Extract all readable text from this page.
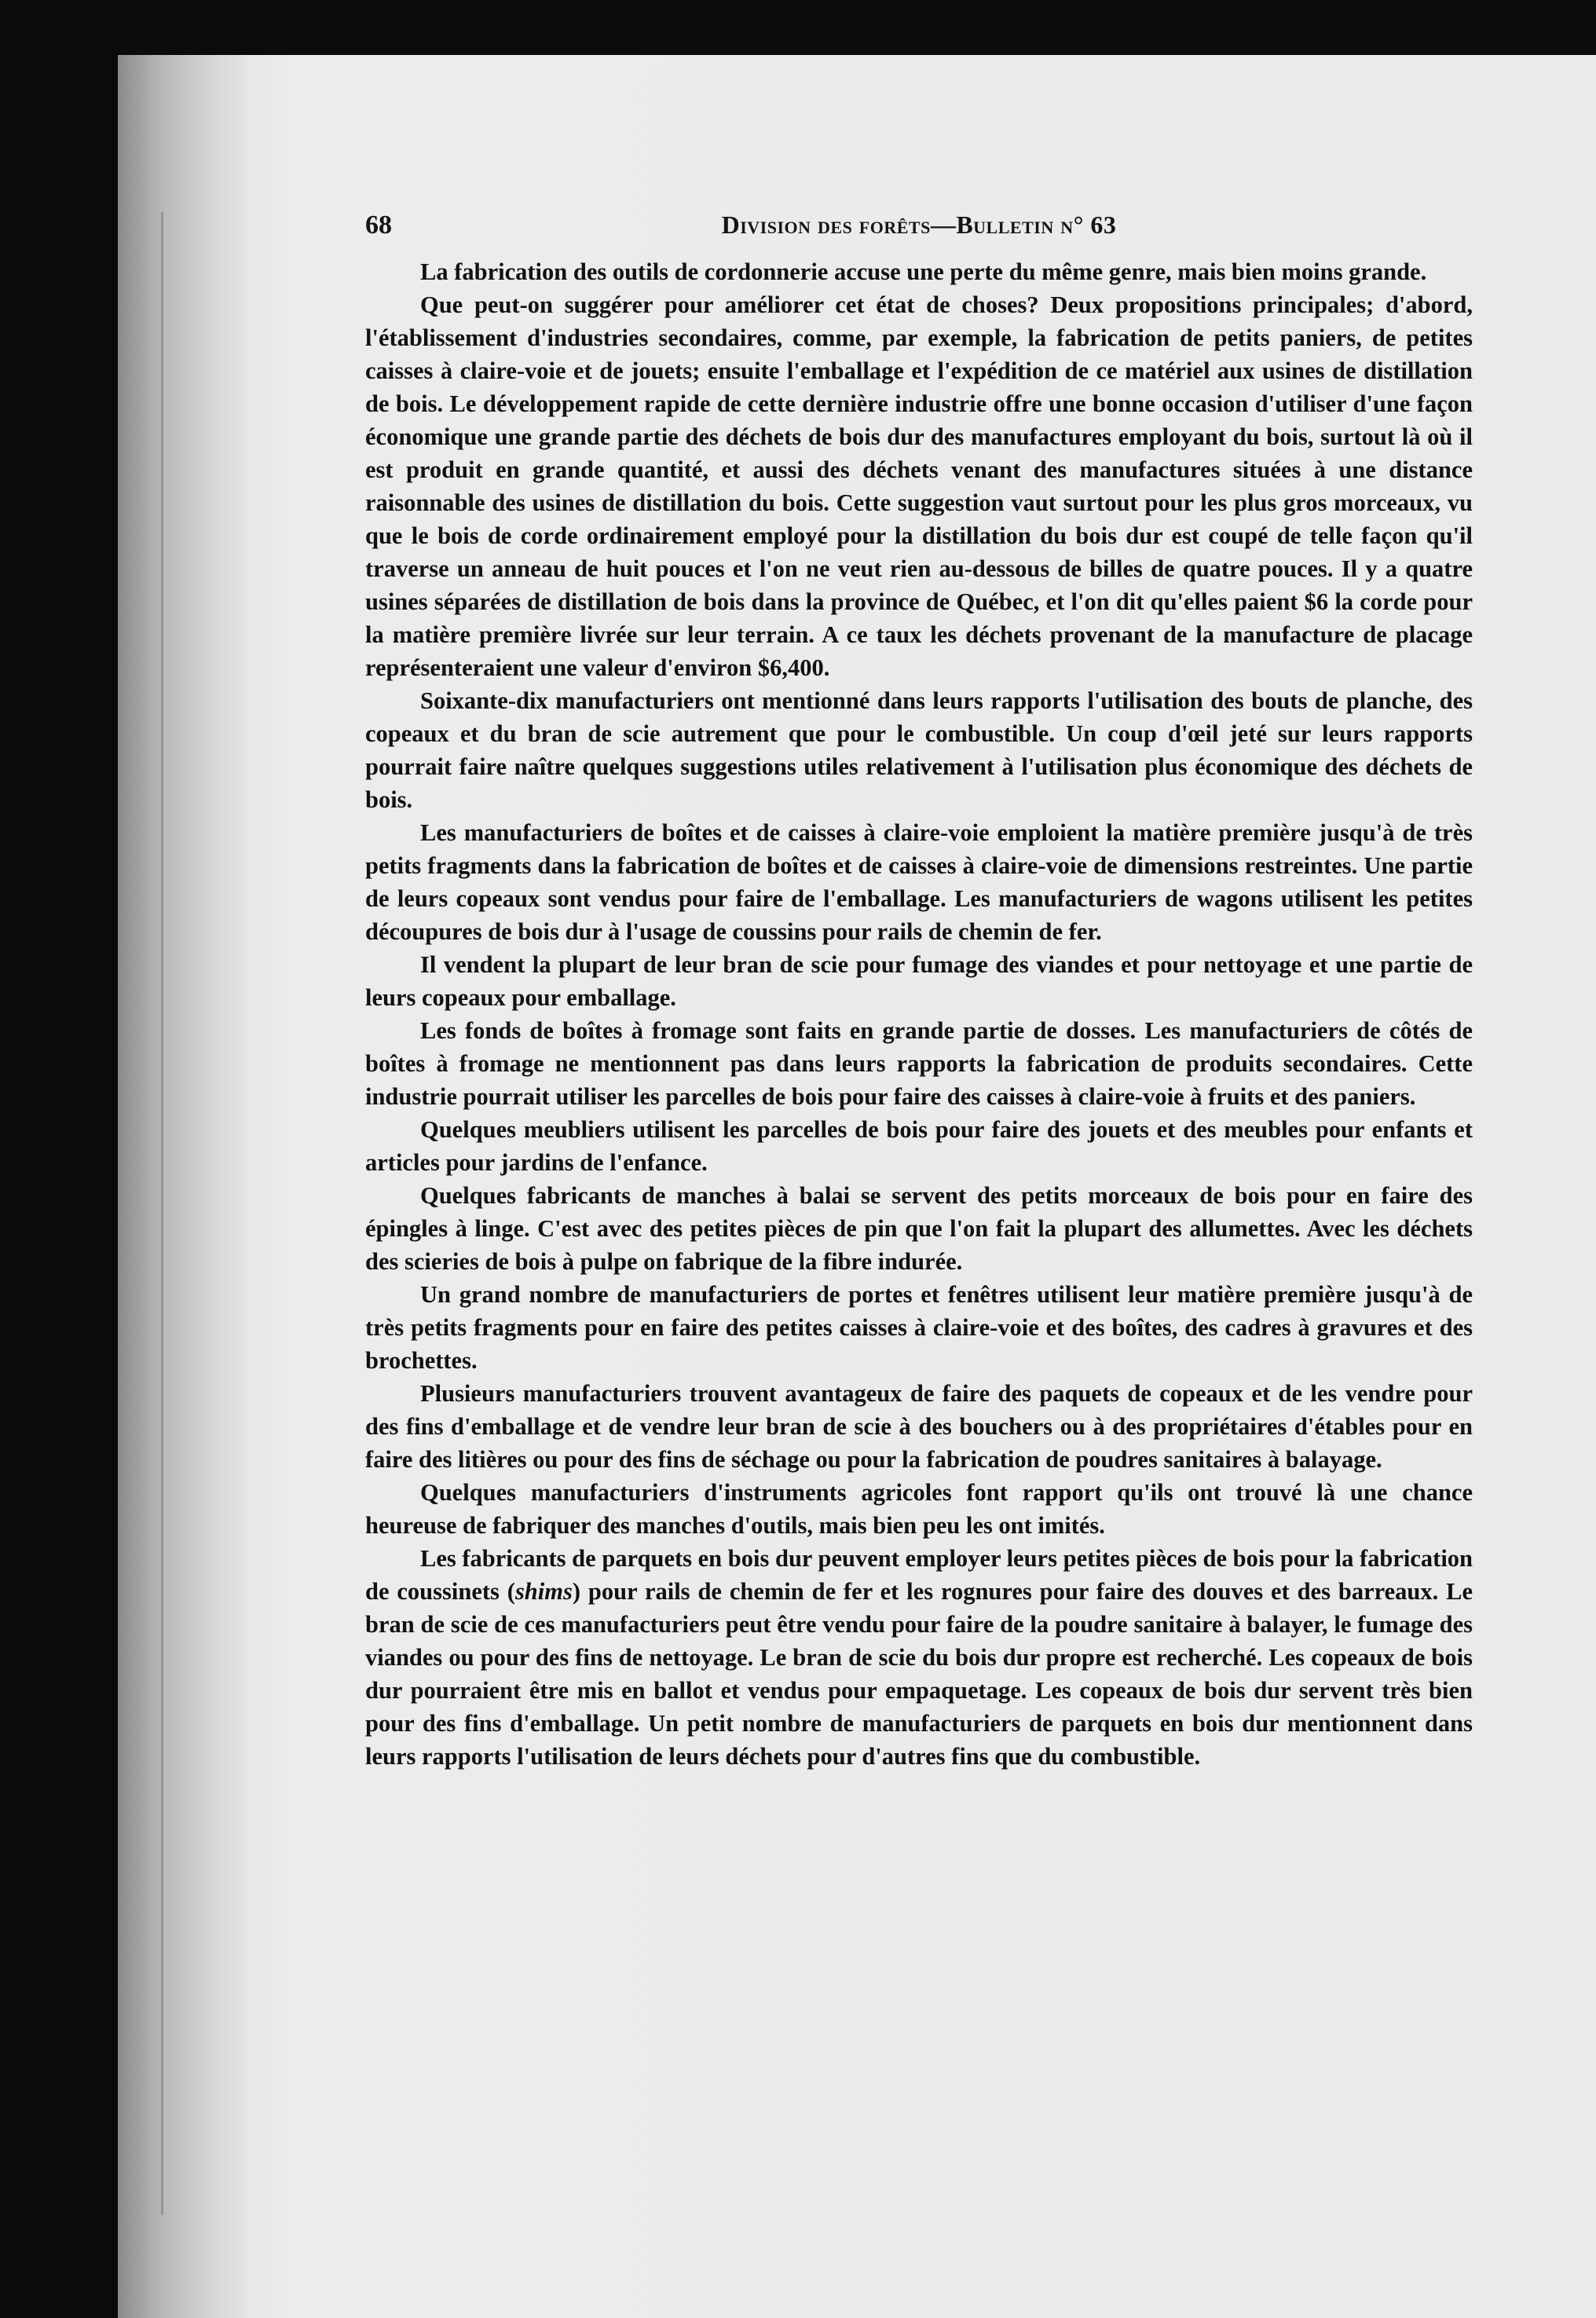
68	Division des forêts—Bulletin n° 63

La fabrication des outils de cordonnerie accuse une perte du même genre, mais bien moins grande.

Que peut-on suggérer pour améliorer cet état de choses? Deux propositions principales; d'abord, l'établissement d'industries secondaires, comme, par exemple, la fabrication de petits paniers, de petites caisses à claire-voie et de jouets; ensuite l'emballage et l'expédition de ce matériel aux usines de distillation de bois. Le développement rapide de cette dernière industrie offre une bonne occasion d'utiliser d'une façon économique une grande partie des déchets de bois dur des manufactures employant du bois, surtout là où il est produit en grande quantité, et aussi des déchets venant des manufactures situées à une distance raisonnable des usines de distillation du bois. Cette suggestion vaut surtout pour les plus gros morceaux, vu que le bois de corde ordinairement employé pour la distillation du bois dur est coupé de telle façon qu'il traverse un anneau de huit pouces et l'on ne veut rien au-dessous de billes de quatre pouces. Il y a quatre usines séparées de distillation de bois dans la province de Québec, et l'on dit qu'elles paient $6 la corde pour la matière première livrée sur leur terrain. A ce taux les déchets provenant de la manufacture de placage représenteraient une valeur d'environ $6,400.

Soixante-dix manufacturiers ont mentionné dans leurs rapports l'utilisation des bouts de planche, des copeaux et du bran de scie autrement que pour le combustible. Un coup d'œil jeté sur leurs rapports pourrait faire naître quelques suggestions utiles relativement à l'utilisation plus économique des déchets de bois.

Les manufacturiers de boîtes et de caisses à claire-voie emploient la matière première jusqu'à de très petits fragments dans la fabrication de boîtes et de caisses à claire-voie de dimensions restreintes. Une partie de leurs copeaux sont vendus pour faire de l'emballage. Les manufacturiers de wagons utilisent les petites découpures de bois dur à l'usage de coussins pour rails de chemin de fer.

Il vendent la plupart de leur bran de scie pour fumage des viandes et pour nettoyage et une partie de leurs copeaux pour emballage.

Les fonds de boîtes à fromage sont faits en grande partie de dosses. Les manufacturiers de côtés de boîtes à fromage ne mentionnent pas dans leurs rapports la fabrication de produits secondaires. Cette industrie pourrait utiliser les parcelles de bois pour faire des caisses à claire-voie à fruits et des paniers.

Quelques meubliers utilisent les parcelles de bois pour faire des jouets et des meubles pour enfants et articles pour jardins de l'enfance.

Quelques fabricants de manches à balai se servent des petits morceaux de bois pour en faire des épingles à linge. C'est avec des petites pièces de pin que l'on fait la plupart des allumettes. Avec les déchets des scieries de bois à pulpe on fabrique de la fibre indurée.

Un grand nombre de manufacturiers de portes et fenêtres utilisent leur matière première jusqu'à de très petits fragments pour en faire des petites caisses à claire-voie et des boîtes, des cadres à gravures et des brochettes.

Plusieurs manufacturiers trouvent avantageux de faire des paquets de copeaux et de les vendre pour des fins d'emballage et de vendre leur bran de scie à des bouchers ou à des propriétaires d'étables pour en faire des litières ou pour des fins de séchage ou pour la fabrication de poudres sanitaires à balayage.

Quelques manufacturiers d'instruments agricoles font rapport qu'ils ont trouvé là une chance heureuse de fabriquer des manches d'outils, mais bien peu les ont imités.

Les fabricants de parquets en bois dur peuvent employer leurs petites pièces de bois pour la fabrication de coussinets (shims) pour rails de chemin de fer et les rognures pour faire des douves et des barreaux. Le bran de scie de ces manufacturiers peut être vendu pour faire de la poudre sanitaire à balayer, le fumage des viandes ou pour des fins de nettoyage. Le bran de scie du bois dur propre est recherché. Les copeaux de bois dur pourraient être mis en ballot et vendus pour empaquetage. Les copeaux de bois dur servent très bien pour des fins d'emballage. Un petit nombre de manufacturiers de parquets en bois dur mentionnent dans leurs rapports l'utilisation de leurs déchets pour d'autres fins que du combustible.
